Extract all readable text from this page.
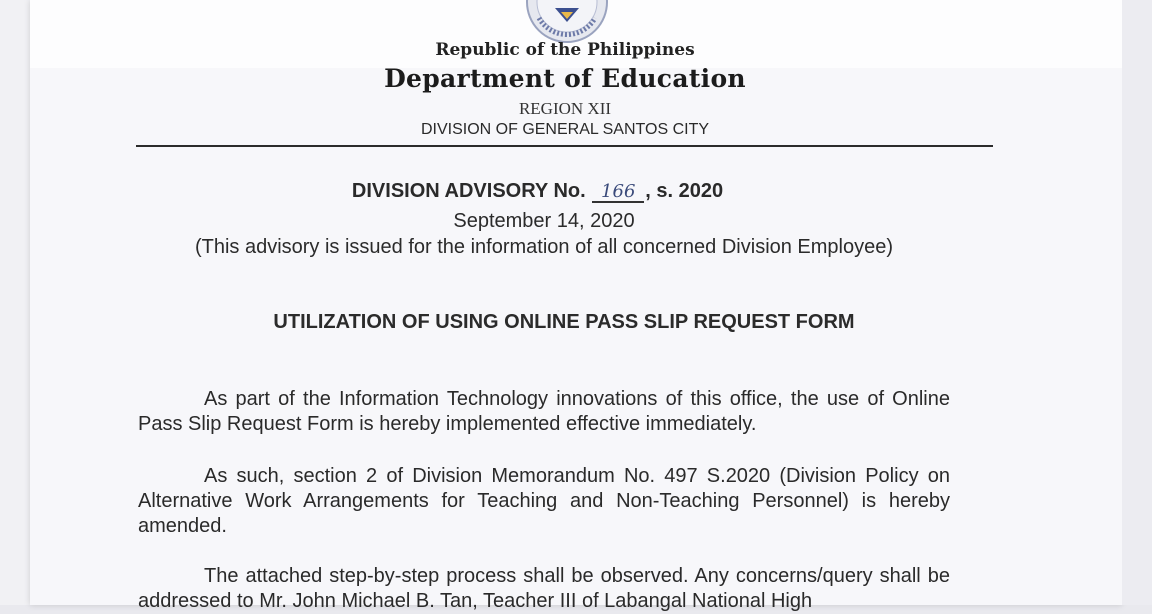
Republic of the Philippines
Department of Education
REGION XII
DIVISION OF GENERAL SANTOS CITY
DIVISION ADVISORY No. 166 , s. 2020
September 14, 2020
(This advisory is issued for the information of all concerned Division Employee)
UTILIZATION OF USING ONLINE PASS SLIP REQUEST FORM
As part of the Information Technology innovations of this office, the use of Online Pass Slip Request Form is hereby implemented effective immediately.
As such, section 2 of Division Memorandum No. 497 S.2020 (Division Policy on Alternative Work Arrangements for Teaching and Non-Teaching Personnel) is hereby amended.
The attached step-by-step process shall be observed. Any concerns/query shall be addressed to Mr. John Michael B. Tan, Teacher III of Labangal National High
